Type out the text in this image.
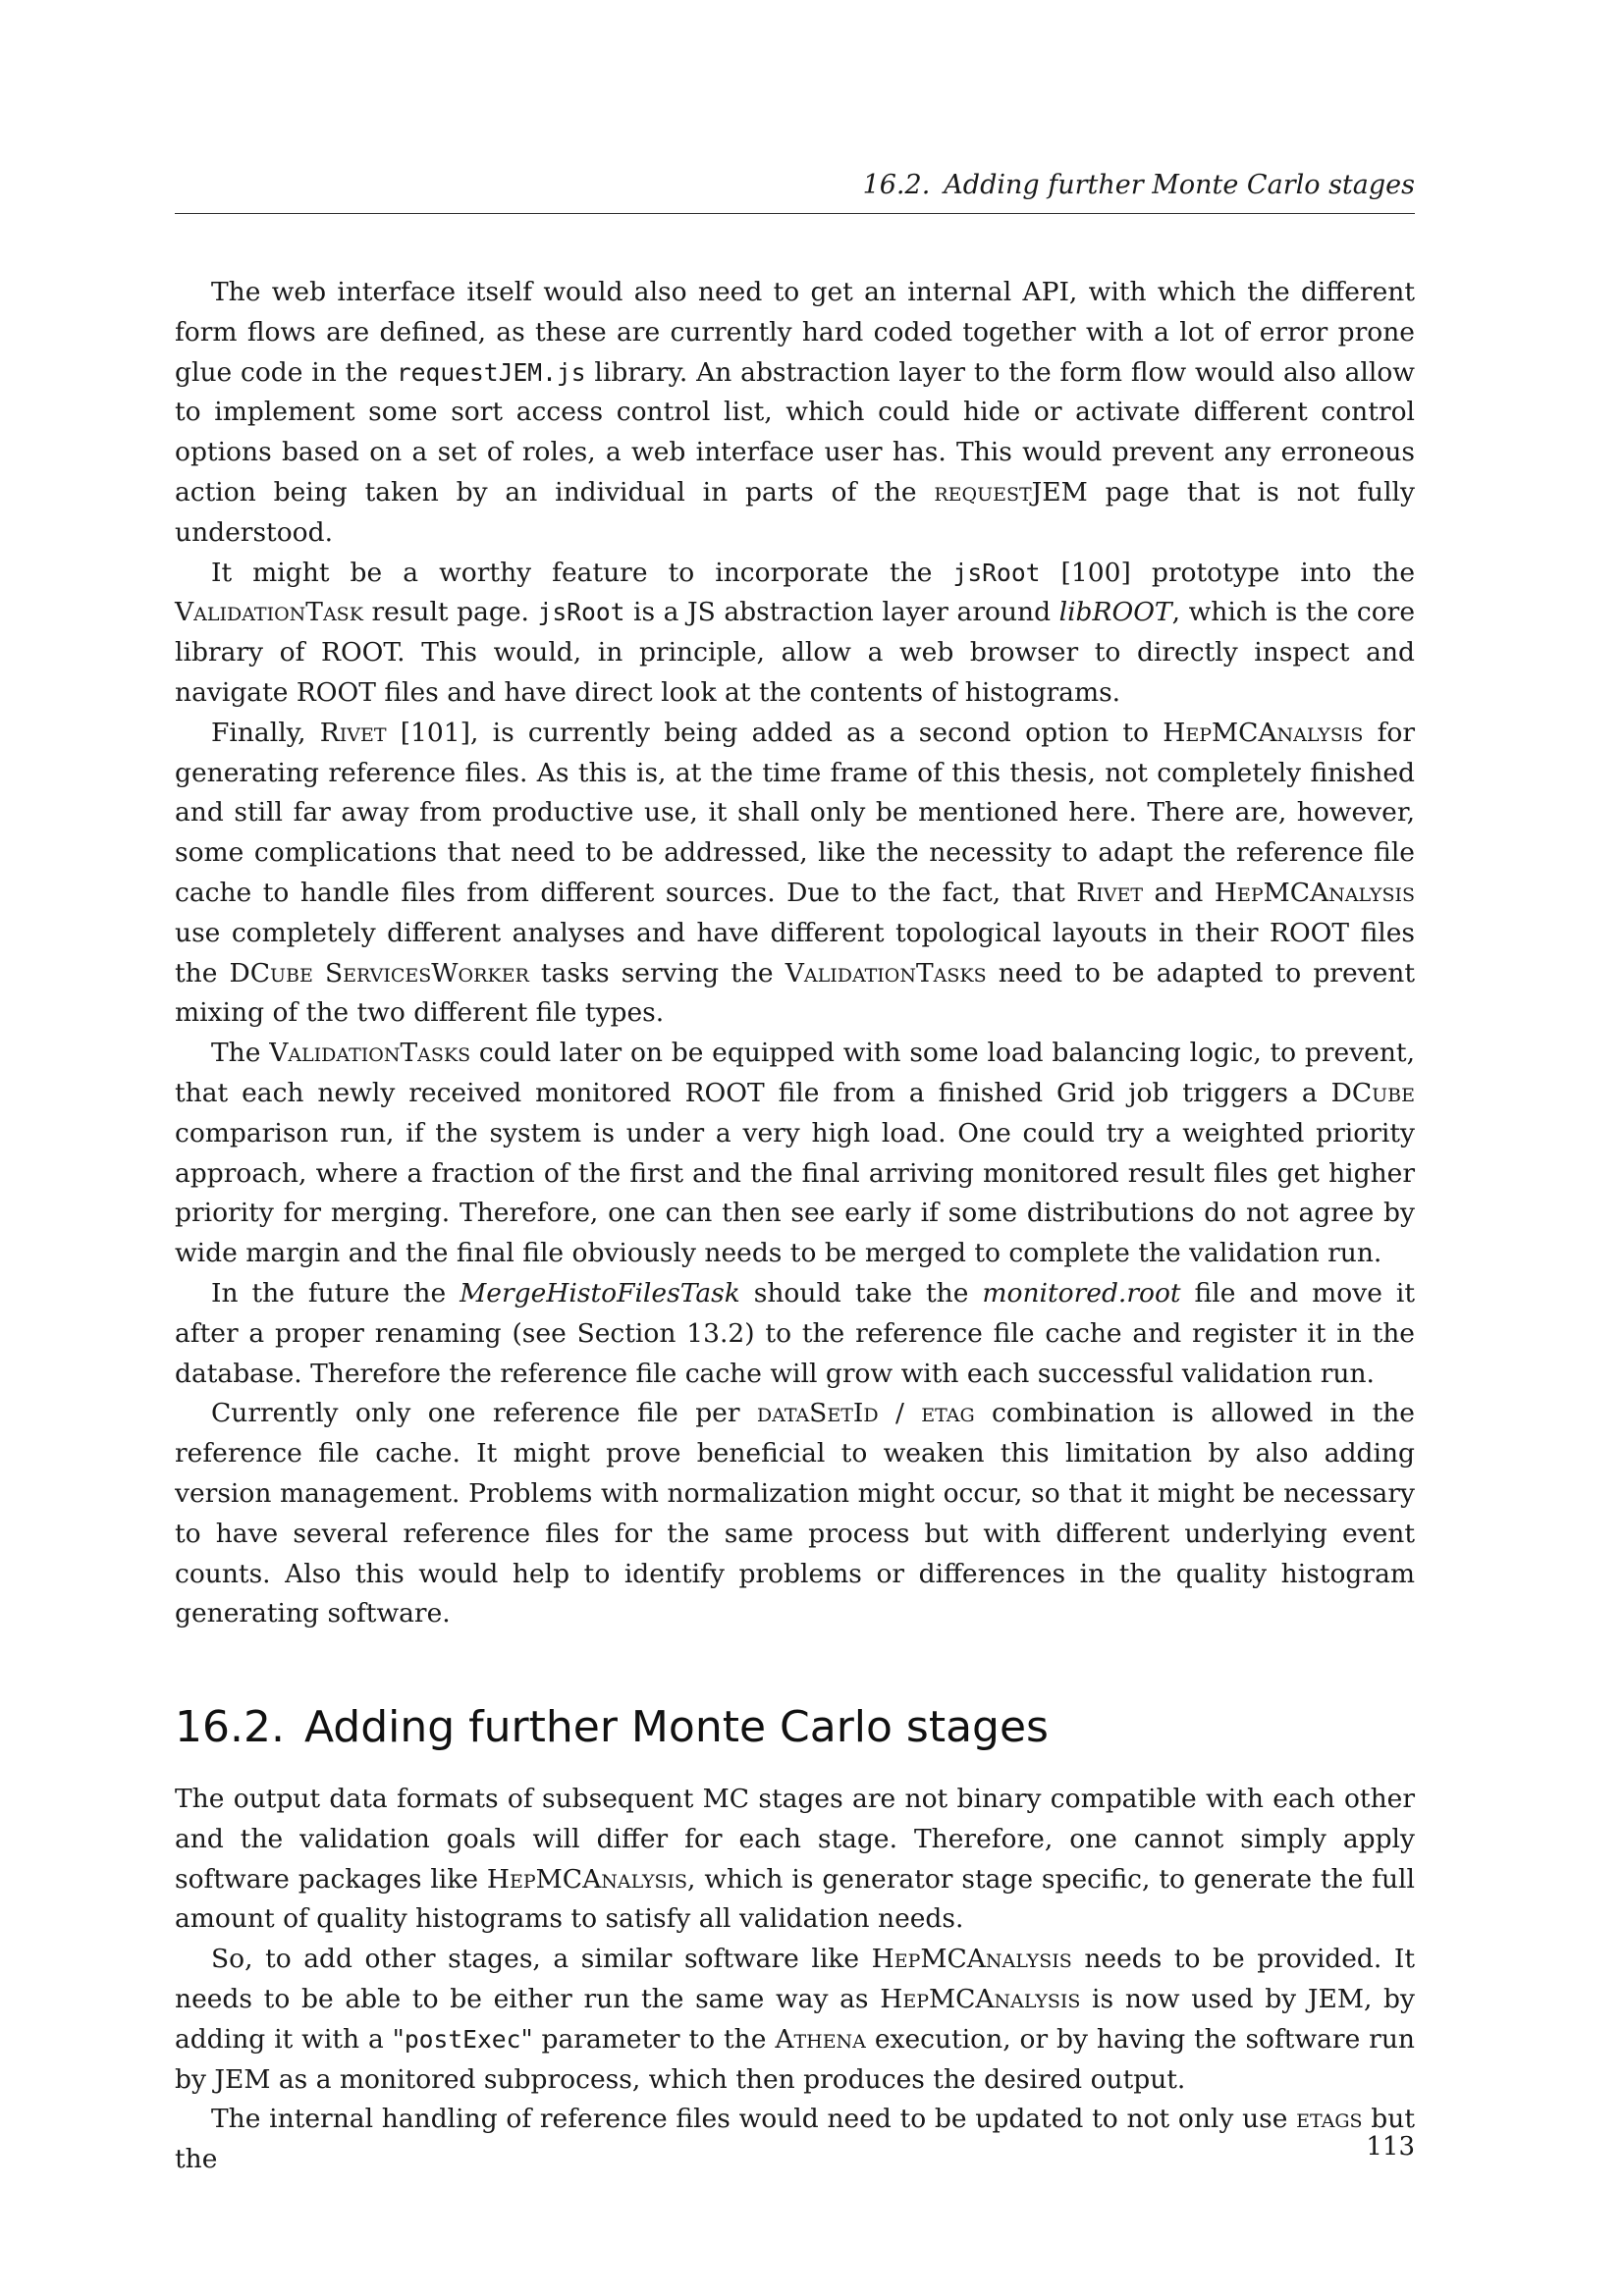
16.2. Adding further Monte Carlo stages

The web interface itself would also need to get an internal API, with which the different form flows are defined, as these are currently hard coded together with a lot of error prone glue code in the requestJEM.js library. An abstraction layer to the form flow would also allow to implement some sort access control list, which could hide or activate different control options based on a set of roles, a web interface user has. This would prevent any erroneous action being taken by an individual in parts of the requestJEM page that is not fully understood.

It might be a worthy feature to incorporate the jsRoot [100] prototype into the ValidationTask result page. jsRoot is a JS abstraction layer around libROOT, which is the core library of ROOT. This would, in principle, allow a web browser to directly inspect and navigate ROOT files and have direct look at the contents of histograms.

Finally, Rivet [101], is currently being added as a second option to HepMCAnalysis for generating reference files. As this is, at the time frame of this thesis, not completely finished and still far away from productive use, it shall only be mentioned here. There are, however, some complications that need to be addressed, like the necessity to adapt the reference file cache to handle files from different sources. Due to the fact, that Rivet and HepMCAnalysis use completely different analyses and have different topological layouts in their ROOT files the DCube ServicesWorker tasks serving the ValidationTasks need to be adapted to prevent mixing of the two different file types.

The ValidationTasks could later on be equipped with some load balancing logic, to prevent, that each newly received monitored ROOT file from a finished Grid job triggers a DCube comparison run, if the system is under a very high load. One could try a weighted priority approach, where a fraction of the first and the final arriving monitored result files get higher priority for merging. Therefore, one can then see early if some distributions do not agree by wide margin and the final file obviously needs to be merged to complete the validation run.

In the future the MergeHistoFilesTask should take the monitored.root file and move it after a proper renaming (see Section 13.2) to the reference file cache and register it in the database. Therefore the reference file cache will grow with each successful validation run.

Currently only one reference file per dataSetId / etag combination is allowed in the reference file cache. It might prove beneficial to weaken this limitation by also adding version management. Problems with normalization might occur, so that it might be necessary to have several reference files for the same process but with different underlying event counts. Also this would help to identify problems or differences in the quality histogram generating software.

16.2. Adding further Monte Carlo stages

The output data formats of subsequent MC stages are not binary compatible with each other and the validation goals will differ for each stage. Therefore, one cannot simply apply software packages like HepMCAnalysis, which is generator stage specific, to generate the full amount of quality histograms to satisfy all validation needs.

So, to add other stages, a similar software like HepMCAnalysis needs to be provided. It needs to be able to be either run the same way as HepMCAnalysis is now used by JEM, by adding it with a "postExec" parameter to the Athena execution, or by having the software run by JEM as a monitored subprocess, which then produces the desired output.

The internal handling of reference files would need to be updated to not only use etags but the	113
